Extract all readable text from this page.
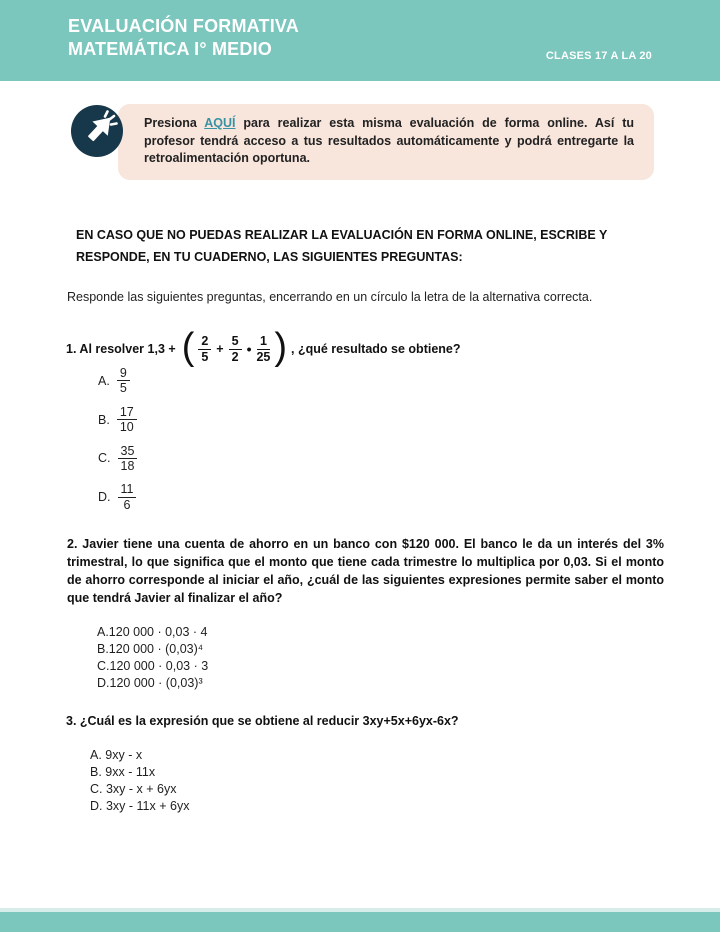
EVALUACIÓN FORMATIVA
MATEMÁTICA I° MEDIO	CLASES 17 A LA 20

Presiona AQUÍ para realizar esta misma evaluación de forma online. Así tu profesor tendrá acceso a tus resultados automáticamente y podrá entregarte la retroalimentación oportuna.

EN CASO QUE NO PUEDAS REALIZAR LA EVALUACIÓN EN FORMA ONLINE, ESCRIBE Y RESPONDE, EN TU CUADERNO, LAS SIGUIENTES PREGUNTAS:
Responde las siguientes preguntas, encerrando en un círculo la letra de la alternativa correcta.
1. Al resolver 1,3 + ( $\frac{2}{5} + \frac{5}{2}$ • $\frac{1}{25}$ ) , ¿qué resultado se obtiene?
A. $\frac{9}{5}$
B. $\frac{17}{10}$
C. $\frac{35}{18}$
D. $\frac{11}{6}$
2. Javier tiene una cuenta de ahorro en un banco con $120 000. El banco le da un interés del 3% trimestral, lo que significa que el monto que tiene cada trimestre lo multiplica por 0,03. Si el monto de ahorro corresponde al iniciar el año, ¿cuál de las siguientes expresiones permite saber el monto que tendrá Javier al finalizar el año?
A.120 000 · 0,03 · 4
B.120 000 · (0,03)⁴
C.120 000 · 0,03 · 3
D.120 000 · (0,03)³
3. ¿Cuál es la expresión que se obtiene al reducir 3xy+5x+6yx-6x?
A. 9xy - x
B. 9xx - 11x
C. 3xy - x + 6yx
D. 3xy - 11x + 6yx
